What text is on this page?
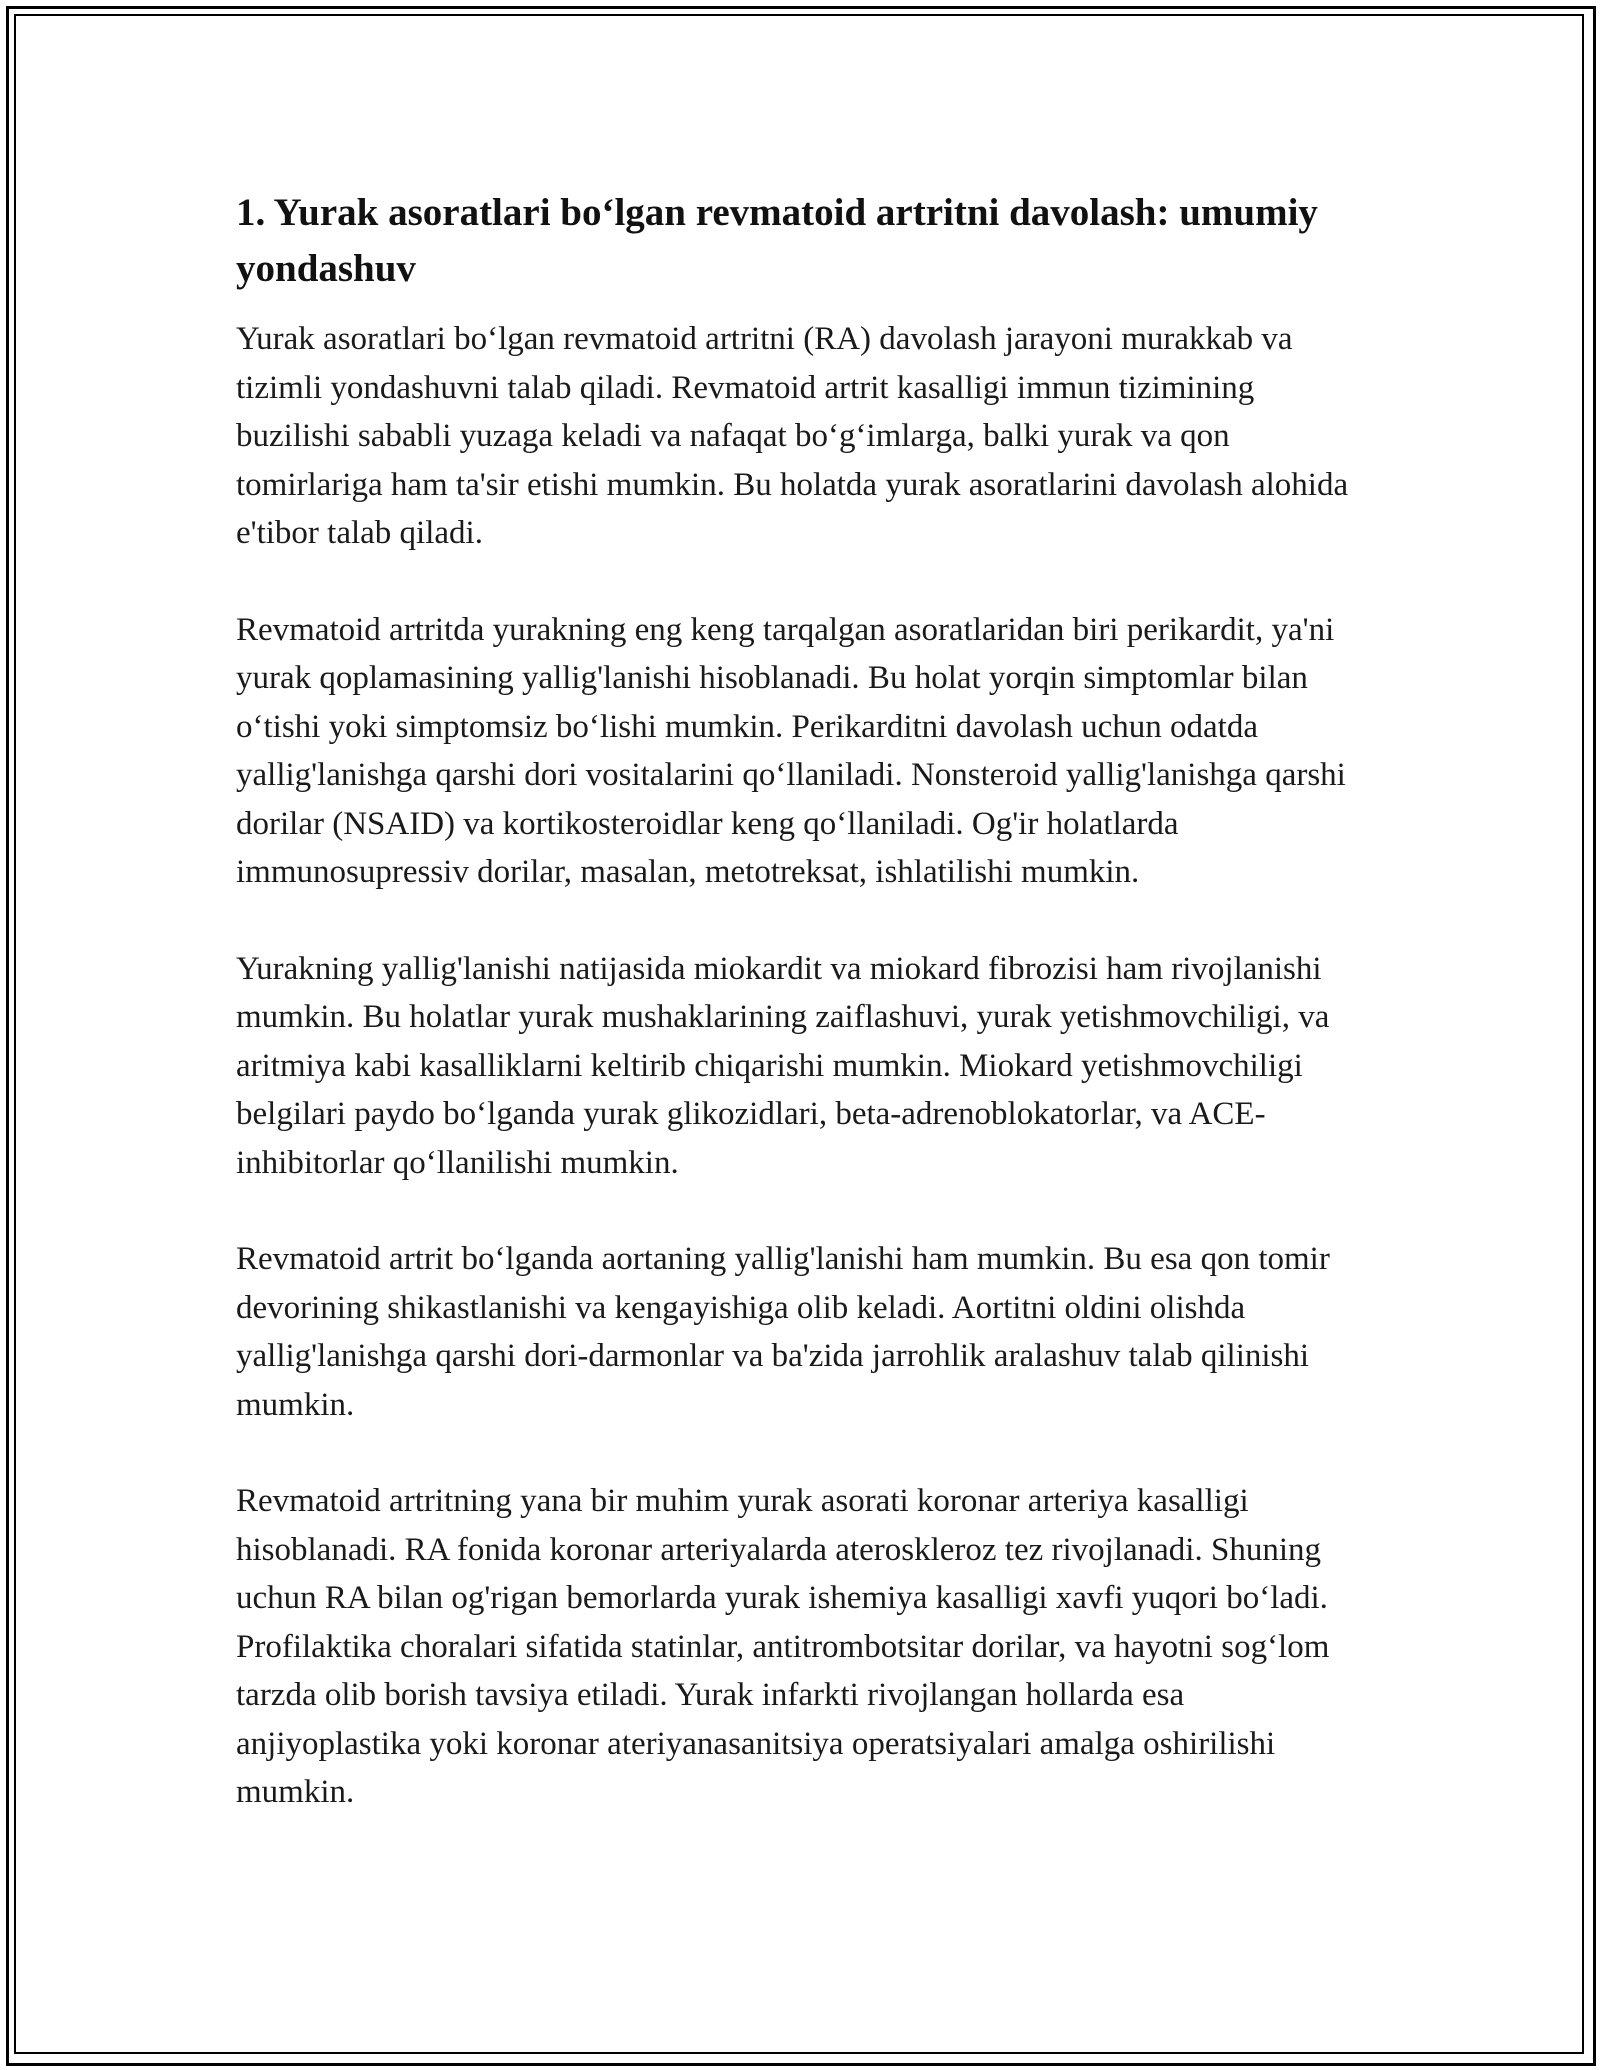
1. Yurak asoratlari bo‘lgan revmatoid artritni davolash: umumiy yondashuv

Yurak asoratlari bo‘lgan revmatoid artritni (RA) davolash jarayoni murakkab va tizimli yondashuvni talab qiladi. Revmatoid artrit kasalligi immun tizimining buzilishi sababli yuzaga keladi va nafaqat bo‘g‘imlarga, balki yurak va qon tomirlariga ham ta'sir etishi mumkin. Bu holatda yurak asoratlarini davolash alohida e'tibor talab qiladi.

Revmatoid artritda yurakning eng keng tarqalgan asoratlaridan biri perikardit, ya'ni yurak qoplamasining yallig'lanishi hisoblanadi. Bu holat yorqin simptomlar bilan o‘tishi yoki simptomsiz bo‘lishi mumkin. Perikarditni davolash uchun odatda yallig'lanishga qarshi dori vositalarini qo‘llaniladi. Nonsteroid yallig'lanishga qarshi dorilar (NSAID) va kortikosteroidlar keng qo‘llaniladi. Og'ir holatlarda immunosupressiv dorilar, masalan, metotreksat, ishlatilishi mumkin.

Yurakning yallig'lanishi natijasida miokardit va miokard fibrozisi ham rivojlanishi mumkin. Bu holatlar yurak mushaklarining zaiflashuvi, yurak yetishmovchiligi, va aritmiya kabi kasalliklarni keltirib chiqarishi mumkin. Miokard yetishmovchiligi belgilari paydo bo‘lganda yurak glikozidlari, beta-adrenoblokatorlar, va ACE-inhibitorlar qo‘llanilishi mumkin.

Revmatoid artrit bo‘lganda aortaning yallig'lanishi ham mumkin. Bu esa qon tomir devorining shikastlanishi va kengayishiga olib keladi. Aortitni oldini olishda yallig'lanishga qarshi dori-darmonlar va ba'zida jarrohlik aralashuv talab qilinishi mumkin.

Revmatoid artritning yana bir muhim yurak asorati koronar arteriya kasalligi hisoblanadi. RA fonida koronar arteriyalarda ateroskleroz tez rivojlanadi. Shuning uchun RA bilan og'rigan bemorlarda yurak ishemiya kasalligi xavfi yuqori bo‘ladi. Profilaktika choralari sifatida statinlar, antitrombotsitar dorilar, va hayotni sog‘lom tarzda olib borish tavsiya etiladi. Yurak infarkti rivojlangan hollarda esa anjiyoplastika yoki koronar ateriyanasanitsiya operatsiyalari amalga oshirilishi mumkin.
